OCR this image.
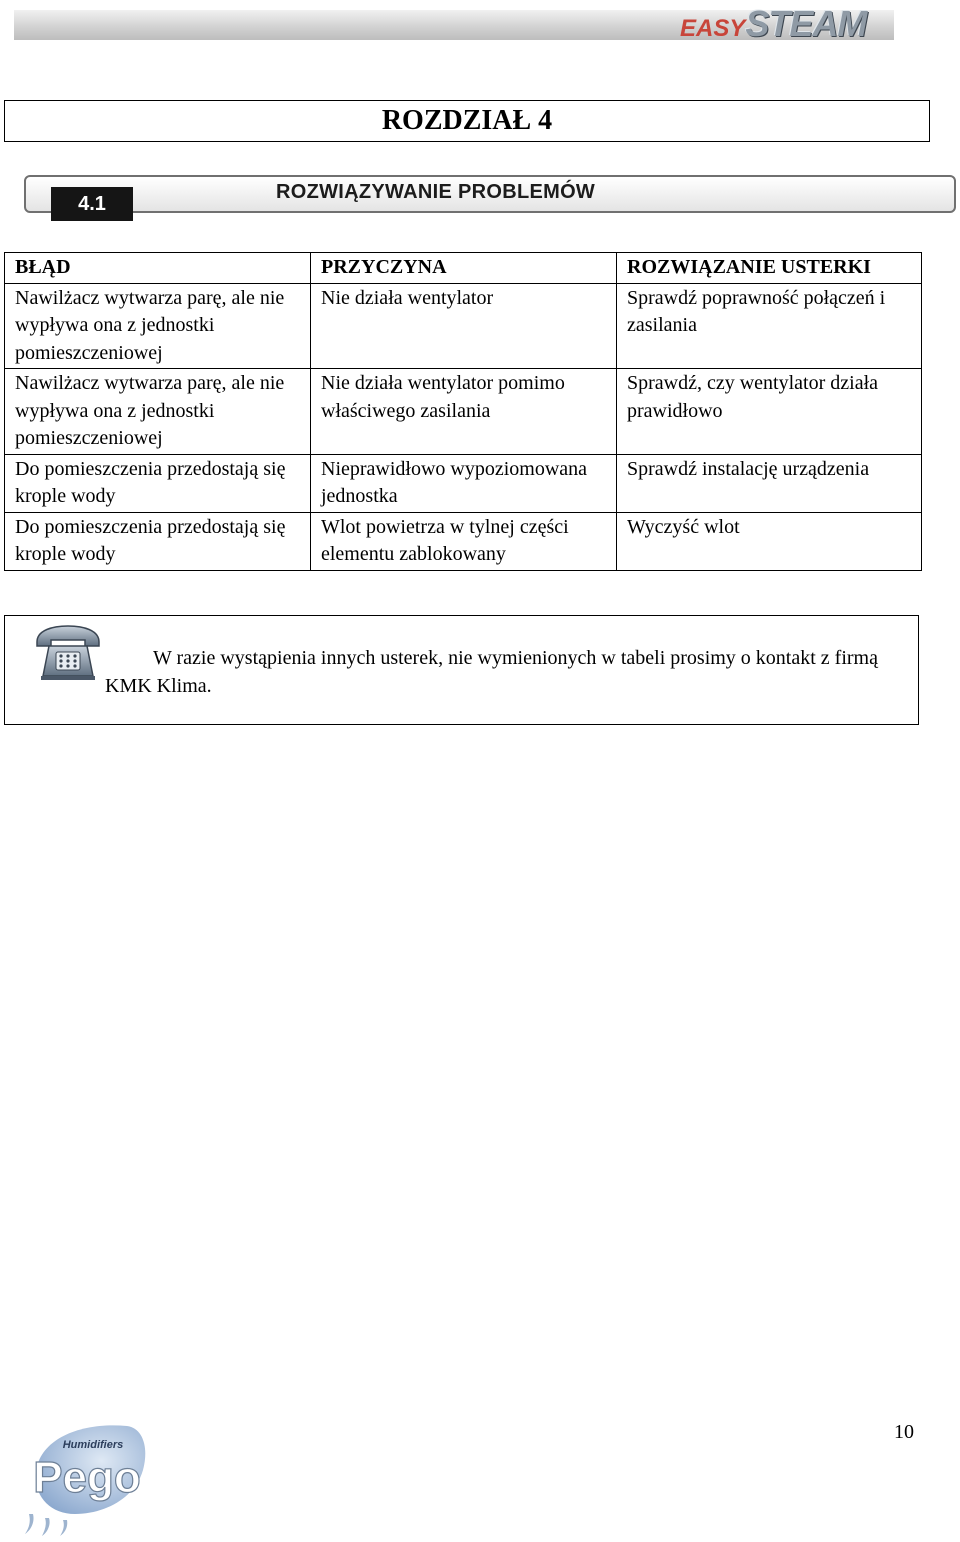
EASYSTEAM
ROZDZIAŁ 4
4.1
ROZWIĄZYWANIE PROBLEMÓW
BŁĄD	PRZYCZYNA	ROZWIĄZANIE USTERKI
Nawilżacz wytwarza parę, ale nie wypływa ona z jednostki pomieszczeniowej	Nie działa wentylator	Sprawdź poprawność połączeń i zasilania
Nawilżacz wytwarza parę, ale nie wypływa ona z jednostki pomieszczeniowej	Nie działa wentylator pomimo właściwego zasilania	Sprawdź, czy wentylator działa prawidłowo
Do pomieszczenia przedostają się krople wody	Nieprawidłowo wypoziomowana jednostka	Sprawdź instalację urządzenia
Do pomieszczenia przedostają się krople wody	Wlot powietrza w tylnej części elementu zablokowany	Wyczyść wlot
W razie wystąpienia innych usterek, nie wymienionych w tabeli prosimy o kontakt z firmą KMK Klima.
10
Humidifiers
Pego
